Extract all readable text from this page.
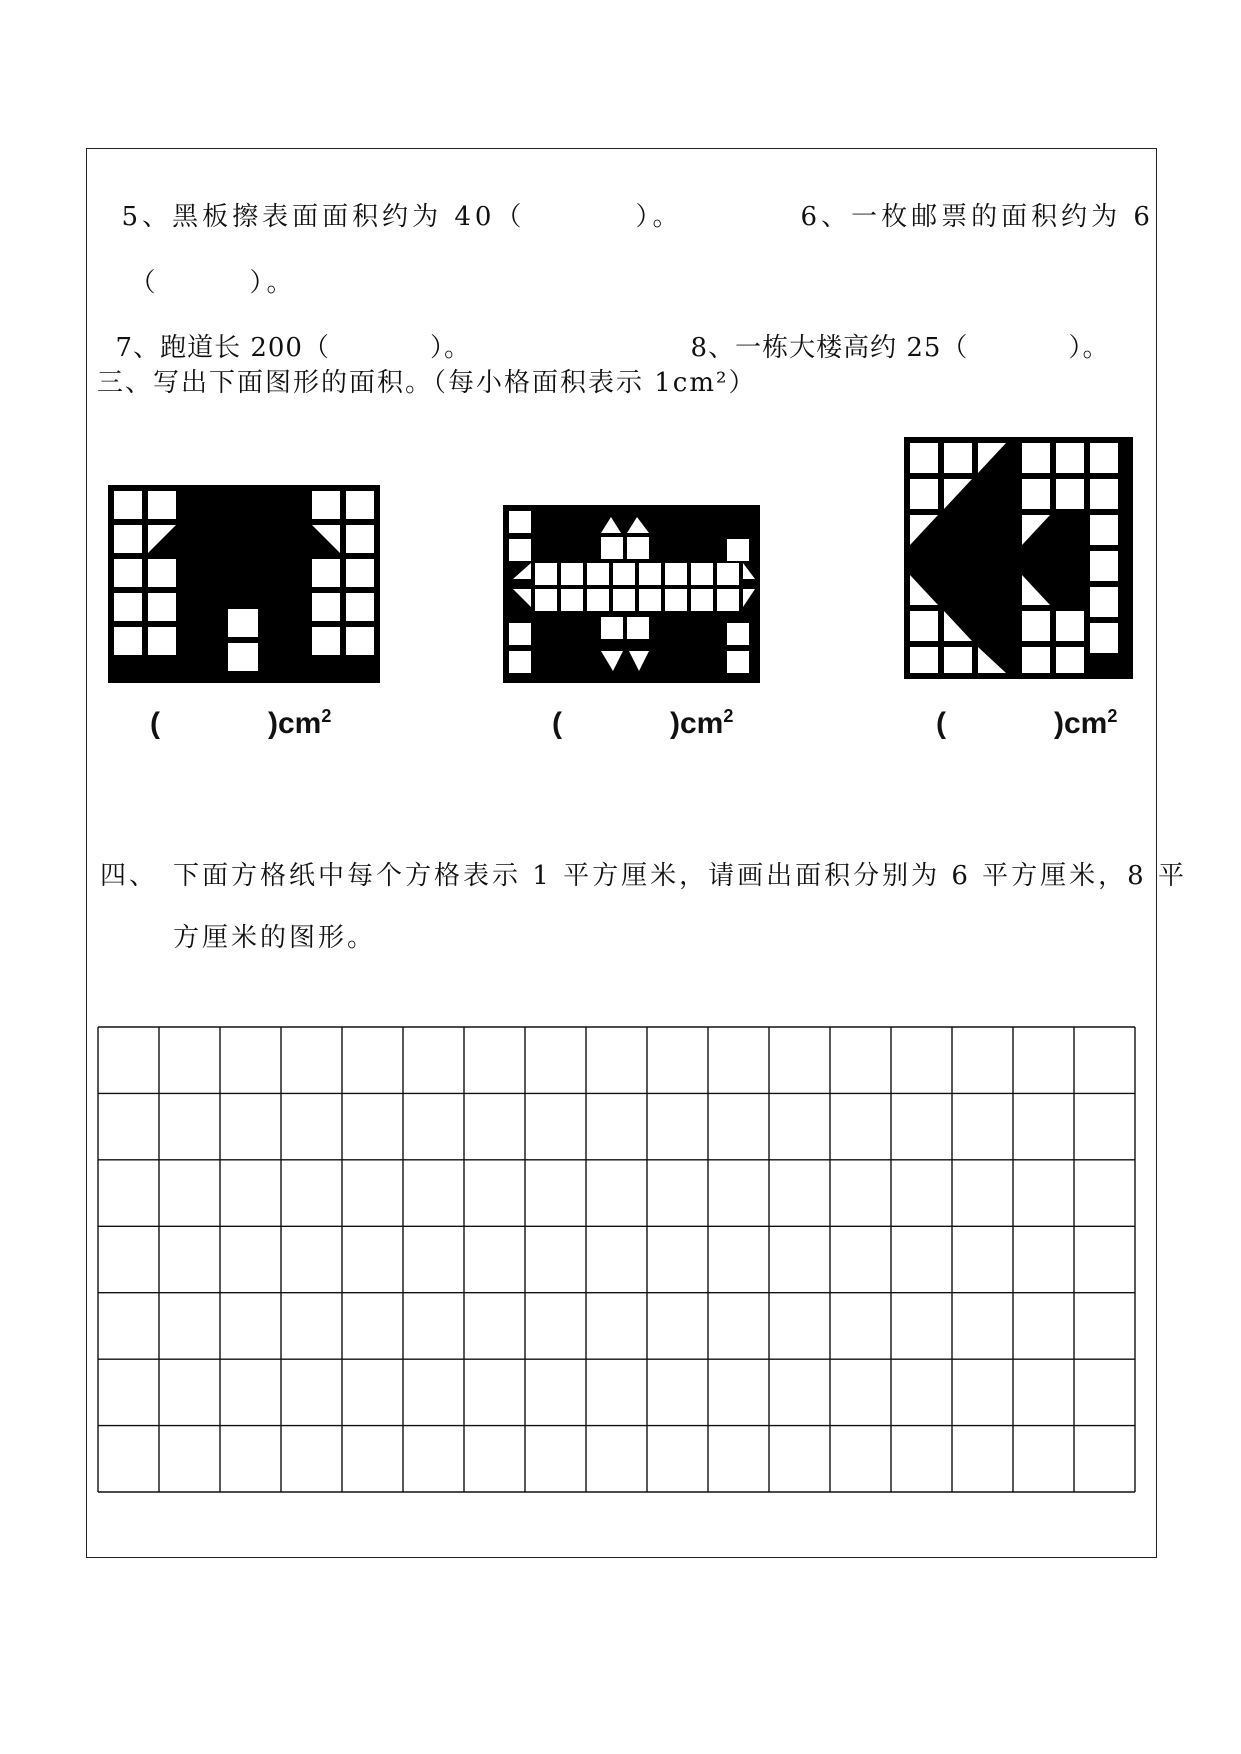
5、黑板擦表面面积约为 40（	）。	6、一枚邮票的面积约为 6

（	）。

7、跑道长 200（	）。	8、一栋大楼高约 25（	）。

三、写出下面图形的面积。（每小格面积表示 1cm²）
(	)$cm^2$	(	)$cm^2$	(	)$cm^2$
四、 下面方格纸中每个方格表示 1 平方厘米，请画出面积分别为 6 平方厘米，8 平
方厘米的图形。
